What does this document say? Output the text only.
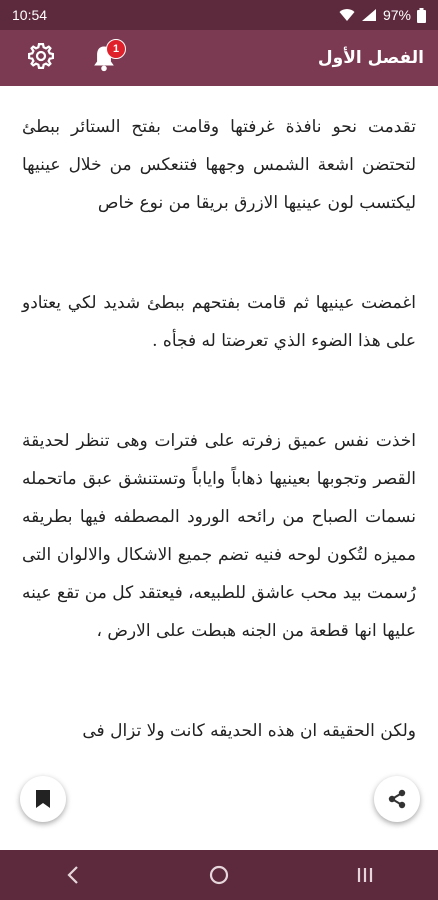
10:54	97%
1	الفصل الأول

تقدمت نحو نافذة غرفتها وقامت بفتح الستائر ببطئ لتحتضن اشعة الشمس وجهها فتنعكس من خلال عينيها ليكتسب لون عينيها الازرق بريقا من نوع خاص

اغمضت عينيها ثم قامت بفتحهم ببطئ شديد لكي يعتادو على هذا الضوء الذي تعرضتا له فجأه .

اخذت نفس عميق زفرته على فترات وهى تنظر لحديقة القصر وتجوبها بعينيها ذهاباً واياباً وتستنشق عبق ماتحمله نسمات الصباح من رائحه الورود المصطفه فيها بطريقه مميزه لتُكون لوحه فنيه تضم جميع الاشكال والالوان التى رُسمت بيد محب عاشق للطبيعه، فيعتقد كل من تقع عينه عليها انها قطعة من الجنه هبطت على الارض ،

ولكن الحقيقه ان هذه الحديقه كانت ولا تزال فى
